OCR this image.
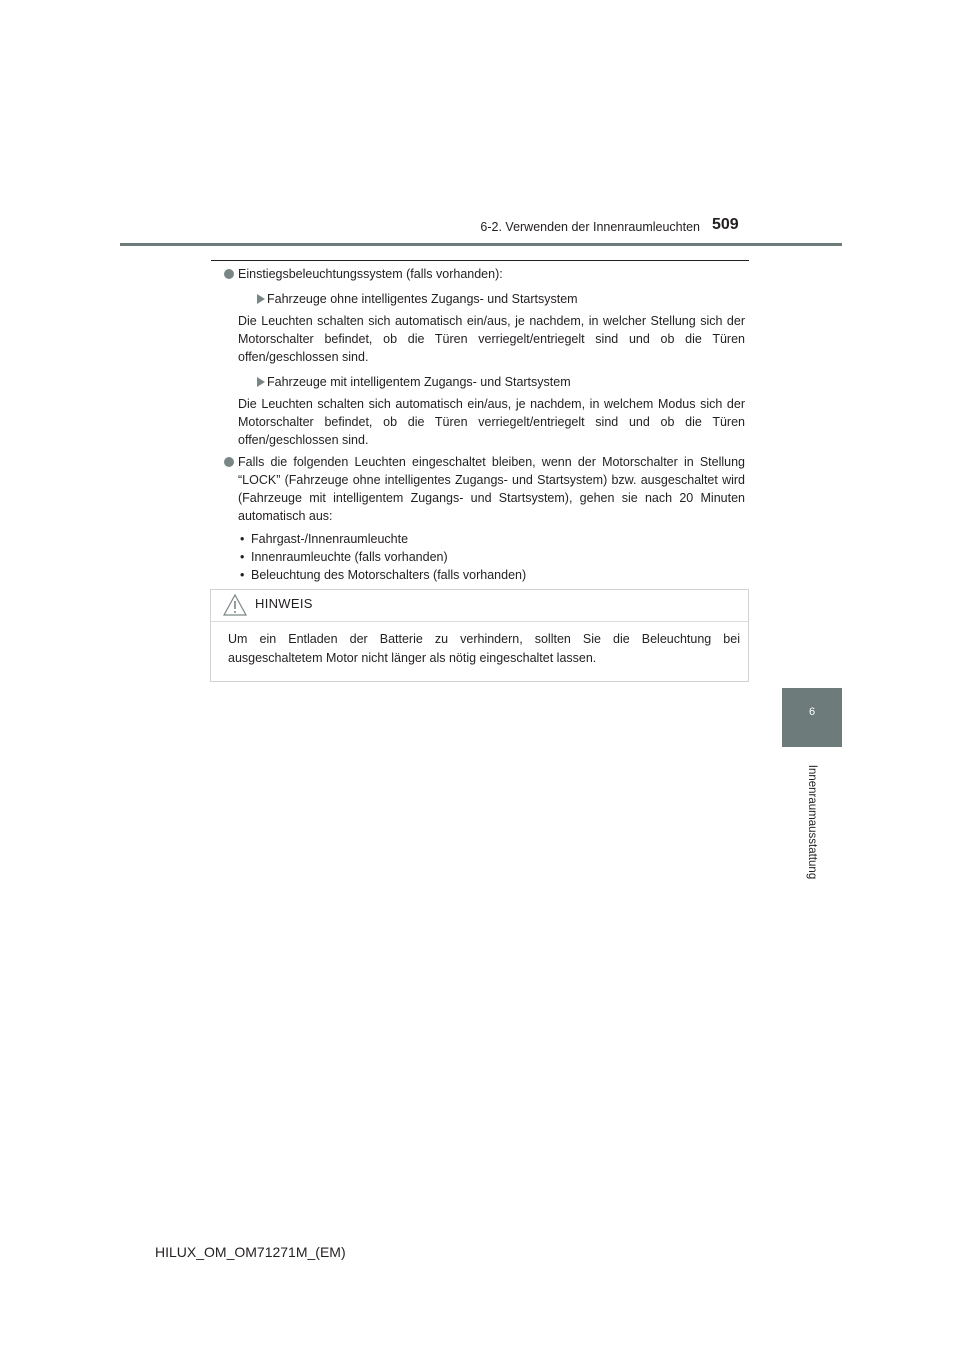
6-2. Verwenden der Innenraumleuchten 509
Einstiegsbeleuchtungssystem (falls vorhanden):
Fahrzeuge ohne intelligentes Zugangs- und Startsystem
Die Leuchten schalten sich automatisch ein/aus, je nachdem, in welcher Stellung sich der Motorschalter befindet, ob die Türen verriegelt/entriegelt sind und ob die Türen offen/geschlossen sind.
Fahrzeuge mit intelligentem Zugangs- und Startsystem
Die Leuchten schalten sich automatisch ein/aus, je nachdem, in welchem Modus sich der Motorschalter befindet, ob die Türen verriegelt/entriegelt sind und ob die Türen offen/geschlossen sind.
Falls die folgenden Leuchten eingeschaltet bleiben, wenn der Motorschalter in Stellung “LOCK” (Fahrzeuge ohne intelligentes Zugangs- und Startsystem) bzw. ausgeschaltet wird (Fahrzeuge mit intelligentem Zugangs- und Startsystem), gehen sie nach 20 Minuten automatisch aus:
• Fahrgast-/Innenraumleuchte
• Innenraumleuchte (falls vorhanden)
• Beleuchtung des Motorschalters (falls vorhanden)
HINWEIS
Um ein Entladen der Batterie zu verhindern, sollten Sie die Beleuchtung bei ausgeschaltetem Motor nicht länger als nötig eingeschaltet lassen.
6
Innenraumausstattung
HILUX_OM_OM71271M_(EM)
